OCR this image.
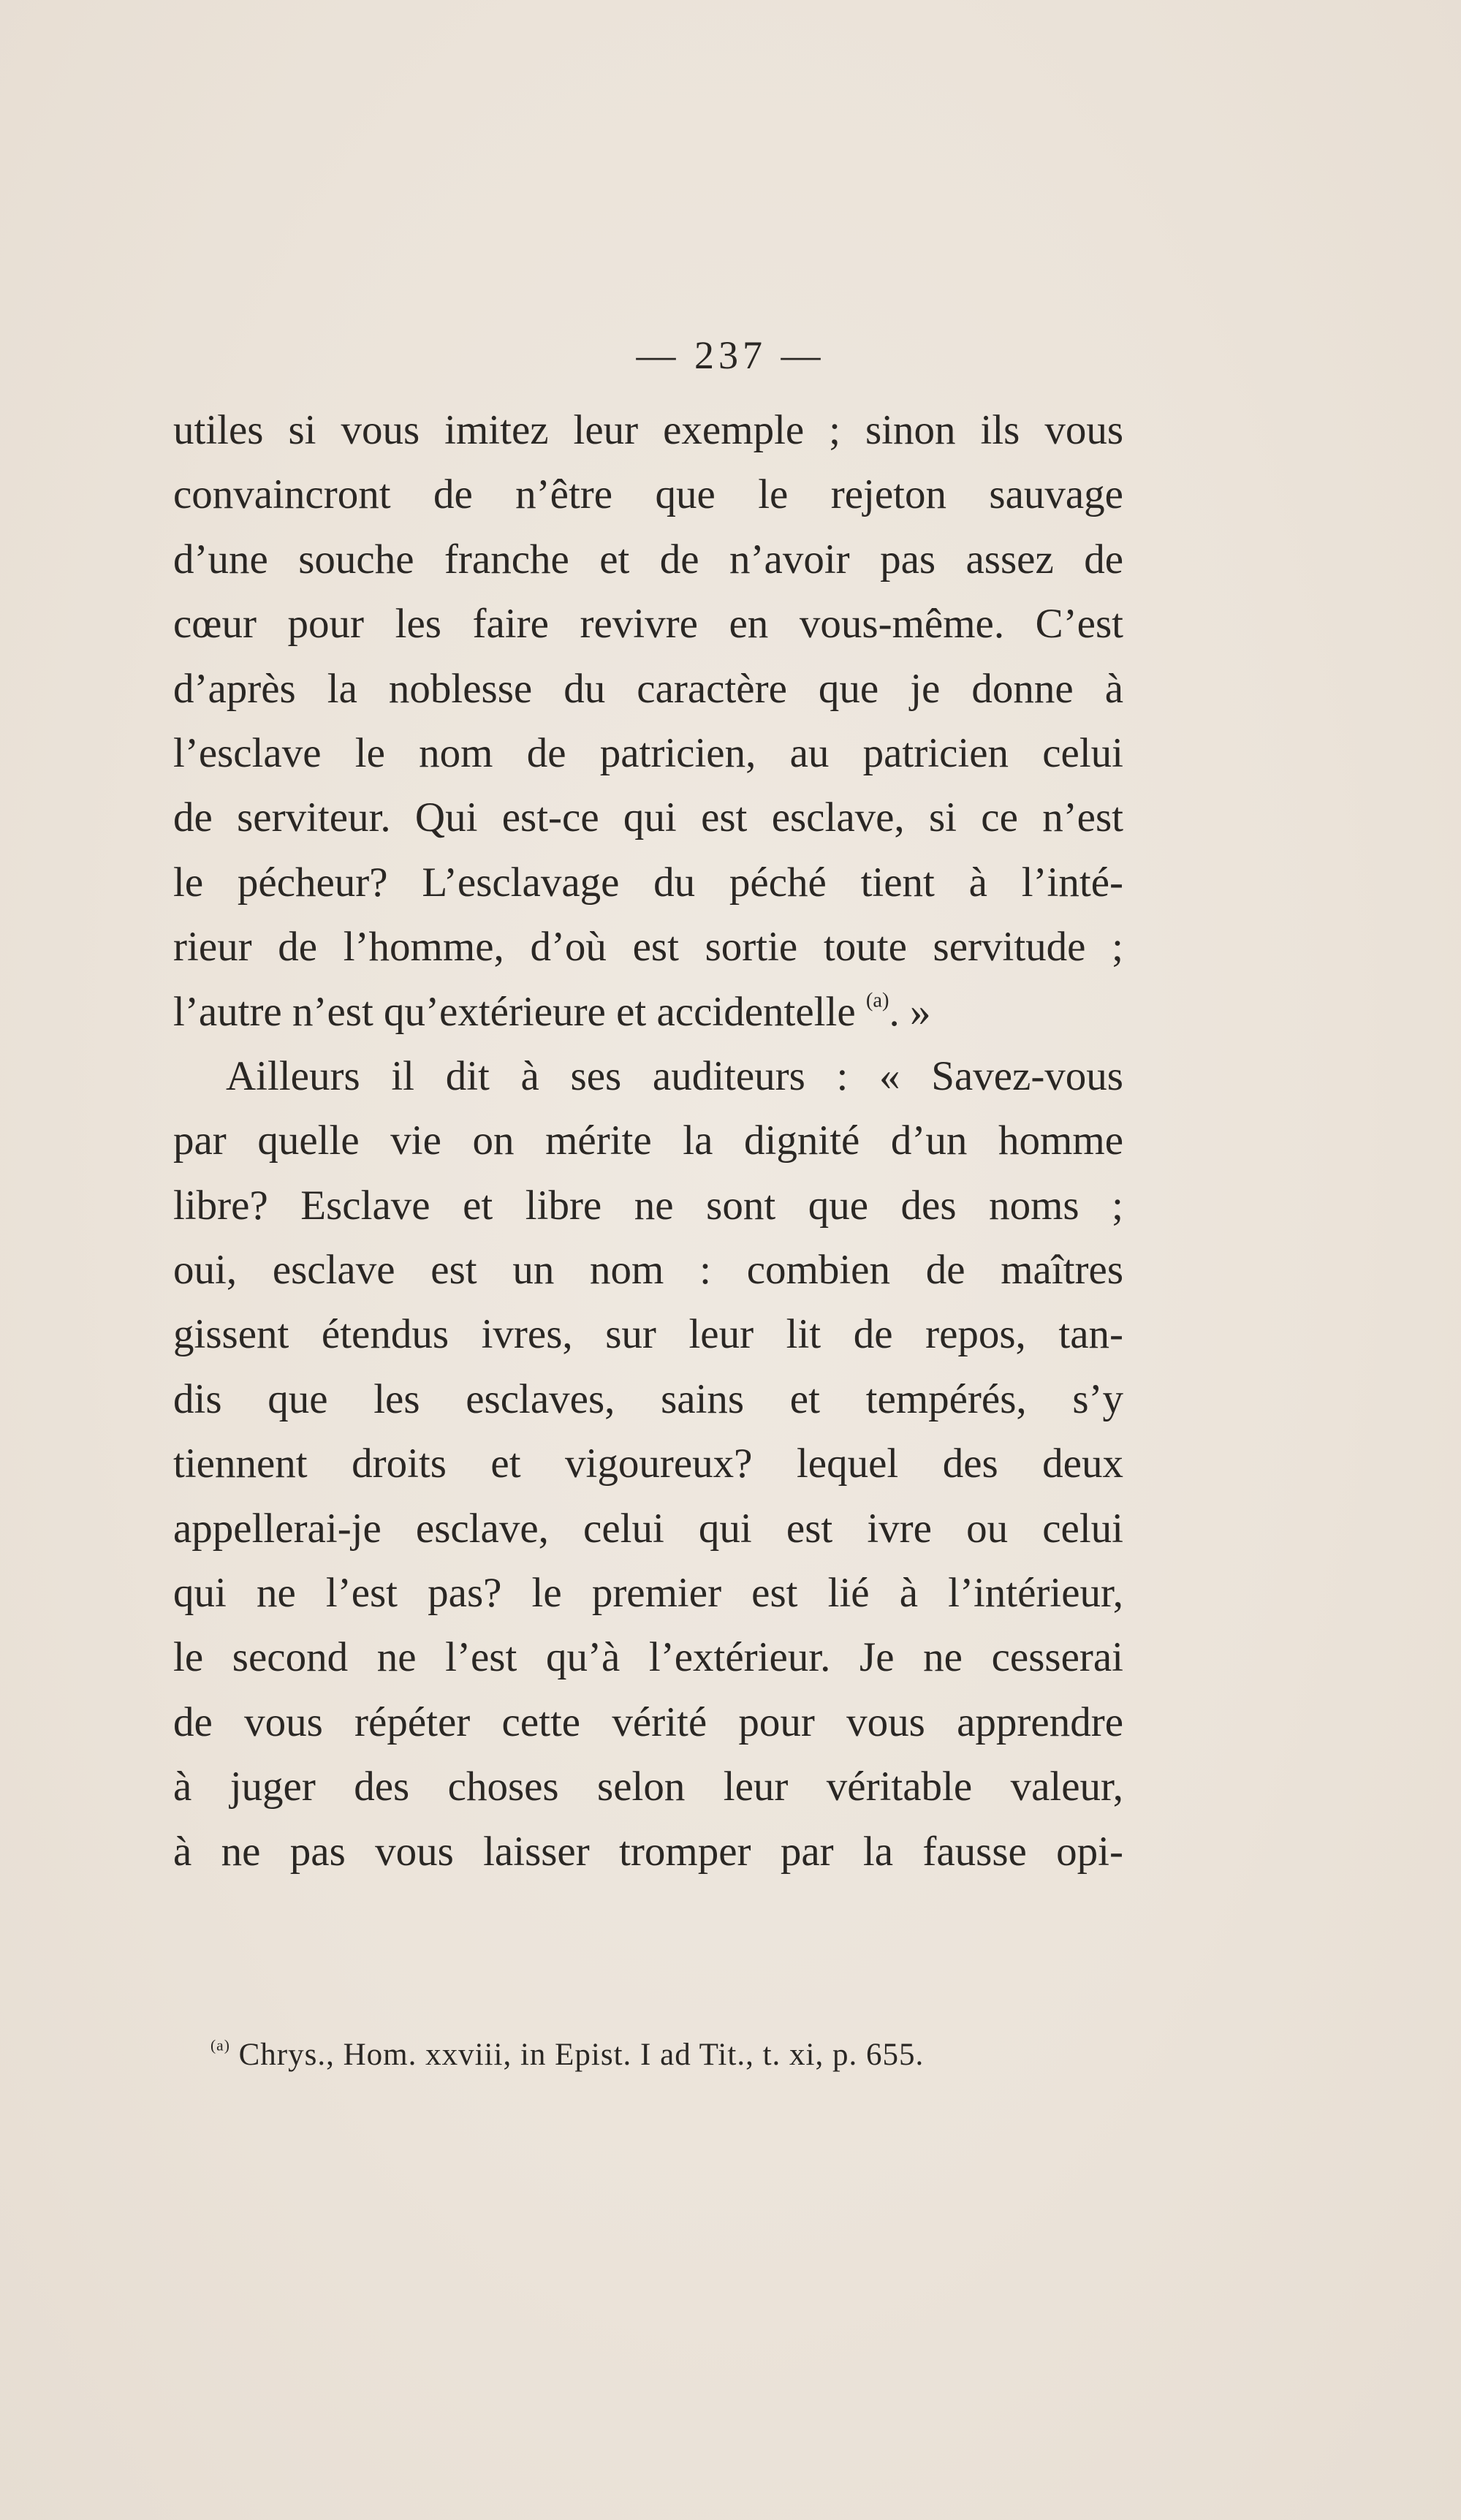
— 237 —
utiles si vous imitez leur exemple ; sinon ils vous
convaincront de n’être que le rejeton sauvage
d’une souche franche et de n’avoir pas assez de
cœur pour les faire revivre en vous-même. C’est
d’après la noblesse du caractère que je donne à
l’esclave le nom de patricien, au patricien celui
de serviteur. Qui est-ce qui est esclave, si ce n’est
le pécheur? L’esclavage du péché tient à l’inté-
rieur de l’homme, d’où est sortie toute servitude ;
l’autre n’est qu’extérieure et accidentelle $^{(a)}$. »
Ailleurs il dit à ses auditeurs : « Savez-vous
par quelle vie on mérite la dignité d’un homme
libre? Esclave et libre ne sont que des noms ;
oui, esclave est un nom : combien de maîtres
gissent étendus ivres, sur leur lit de repos, tan-
dis que les esclaves, sains et tempérés, s’y
tiennent droits et vigoureux? lequel des deux
appellerai-je esclave, celui qui est ivre ou celui
qui ne l’est pas? le premier est lié à l’intérieur,
le second ne l’est qu’à l’extérieur. Je ne cesserai
de vous répéter cette vérité pour vous apprendre
à juger des choses selon leur véritable valeur,
à ne pas vous laisser tromper par la fausse opi-
$^{(a)}$ Chrys., Hom. xxviii, in Epist. I ad Tit., t. xi, p. 655.
